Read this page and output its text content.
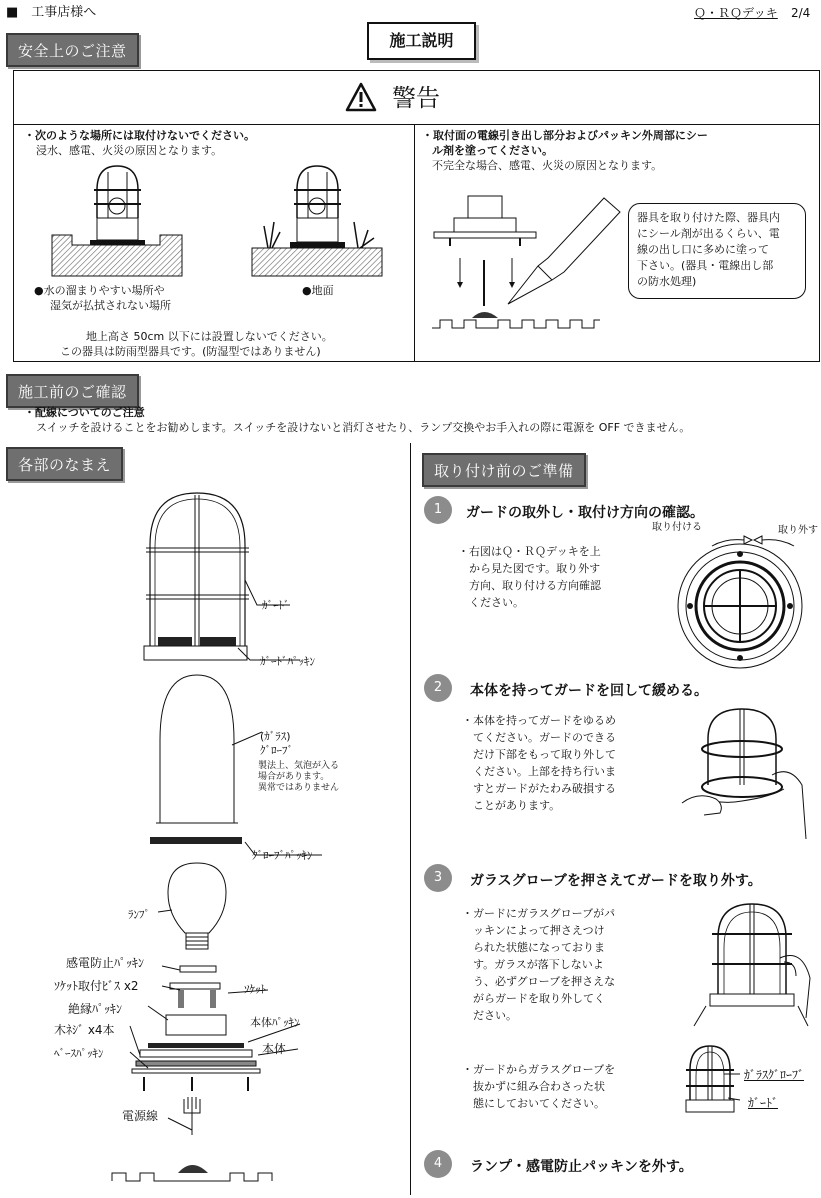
■　工事店様へ	Ｑ・ＲＱデッキ 2/4
施工説明
安全上のご注意
警告
・次のような場所には取付けないでください。
浸水、感電、火災の原因となります。
●水の溜まりやすい場所や
湿気が払拭されない場所
●地面
地上高さ 50cm 以下には設置しないでください。
この器具は防雨型器具です。(防湿型ではありません)
・取付面の電線引き出し部分およびパッキン外周部にシー
ル剤を塗ってください。
不完全な場合、感電、火災の原因となります。
器具を取り付けた際、器具内
にシール剤が出るくらい、電
線の出し口に多めに塗って
下さい。(器具・電線出し部
の防水処理)
施工前のご確認
・配線についてのご注意
スイッチを設けることをお勧めします。スイッチを設けないと消灯させたり、ランプ交換やお手入れの際に電源を OFF できません。
各部のなまえ
ｶﾞｰﾄﾞ
ｶﾞｰﾄﾞﾊﾟｯｷﾝ
(ｶﾞﾗｽ)
ｸﾞﾛｰﾌﾞ
製法上、気泡が入る
場合があります。
異常ではありません
ｸﾞﾛｰﾌﾞﾊﾟｯｷﾝ
ﾗﾝﾌﾟ
感電防止ﾊﾟｯｷﾝ
ｿｹｯﾄ取付ﾋﾞｽ x2	ｿｹｯﾄ
絶縁ﾊﾟｯｷﾝ
本体ﾊﾟｯｷﾝ
木ﾈｼﾞ x4本
本体
ﾍﾞｰｽﾊﾟｯｷﾝ
電源線
取り付け前のご準備
1	ガードの取外し・取付け方向の確認。
取り付ける	取り外す
・右図はＱ・ＲＱデッキを上
　から見た図です。取り外す
　方向、取り付ける方向確認
　ください。
2	本体を持ってガードを回して緩める。
・本体を持ってガードをゆるめ
　てください。ガードのできる
　だけ下部をもって取り外して
　ください。上部を持ち行いま
　すとガードがたわみ破損する
　ことがあります。
3	ガラスグローブを押さえてガードを取り外す。
・ガードにガラスグローブがパ
　ッキンによって押さえつけ
　られた状態になっておりま
　す。ガラスが落下しないよ
　う、必ずグローブを押さえな
　がらガードを取り外してく
　ださい。
・ガードからガラスグローブを
　抜かずに組み合わさった状
　態にしておいてください。
ｶﾞﾗｽｸﾞﾛｰﾌﾞ
ｶﾞｰﾄﾞ
4	ランプ・感電防止パッキンを外す。
